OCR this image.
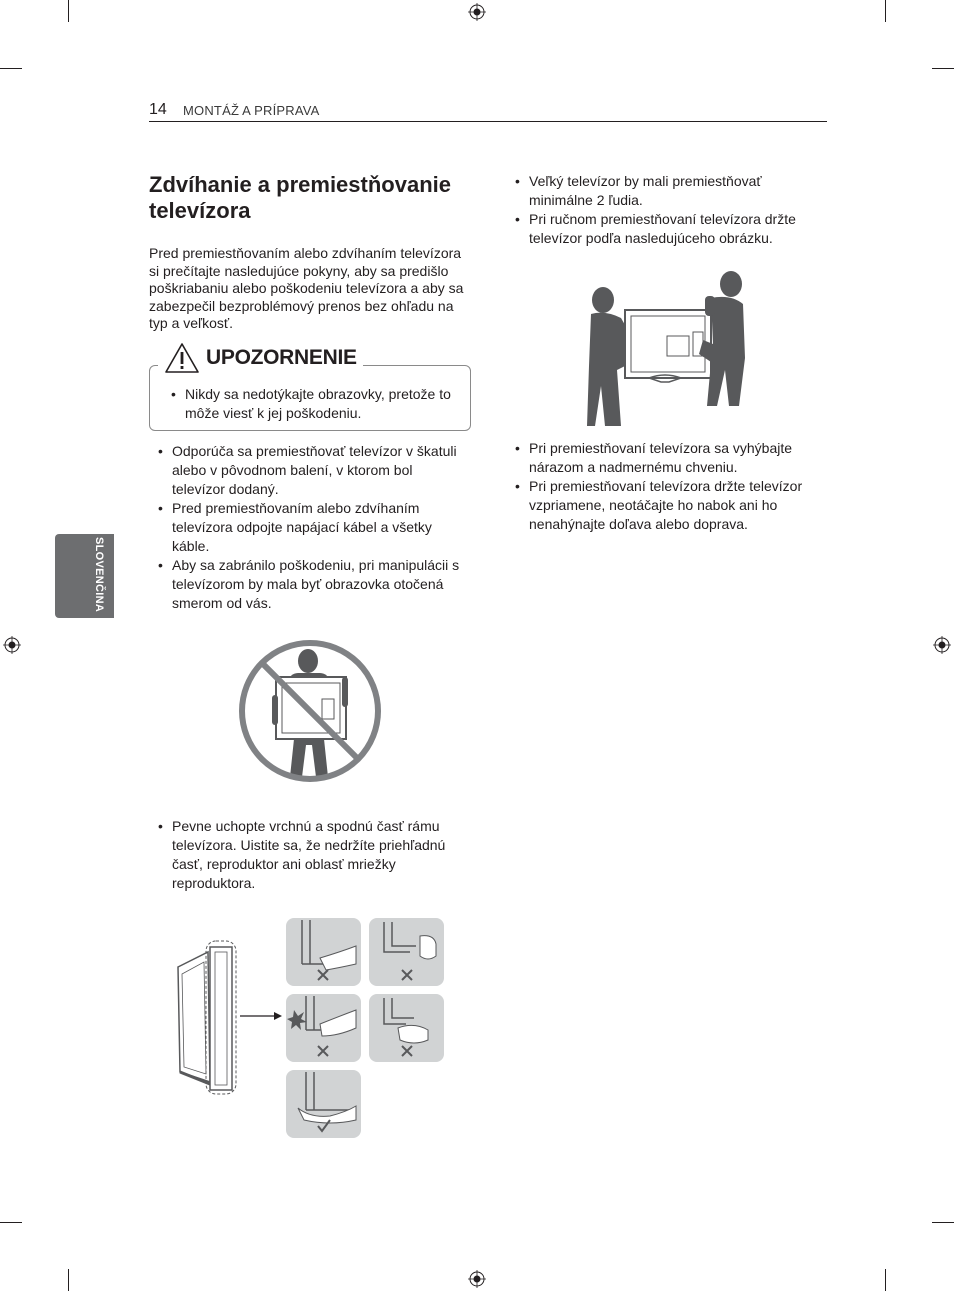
14 MONTÁŽ A PRÍPRAVA
SLOVENČINA
Zdvíhanie a premiestňovanie televízora
Pred premiestňovaním alebo zdvíhaním televízora si prečítajte nasledujúce pokyny, aby sa predišlo poškriabaniu alebo poškodeniu televízora a aby sa zabezpečil bezproblémový prenos bez ohľadu na typ a veľkosť.
UPOZORNENIE
• Nikdy sa nedotýkajte obrazovky, pretože to môže viesť k jej poškodeniu.
• Odporúča sa premiestňovať televízor v škatuli alebo v pôvodnom balení, v ktorom bol televízor dodaný.
• Pred premiestňovaním alebo zdvíhaním televízora odpojte napájací kábel a všetky káble.
• Aby sa zabránilo poškodeniu, pri manipulácii s televízorom by mala byť obrazovka otočená smerom od vás.
• Pevne uchopte vrchnú a spodnú časť rámu televízora. Uistite sa, že nedržíte priehľadnú časť, reproduktor ani oblasť mriežky reproduktora.
• Veľký televízor by mali premiestňovať minimálne 2 ľudia.
• Pri ručnom premiestňovaní televízora držte televízor podľa nasledujúceho obrázku.
• Pri premiestňovaní televízora sa vyhýbajte nárazom a nadmernému chveniu.
• Pri premiestňovaní televízora držte televízor vzpriamene, neotáčajte ho nabok ani ho nenahýnajte doľava alebo doprava.
